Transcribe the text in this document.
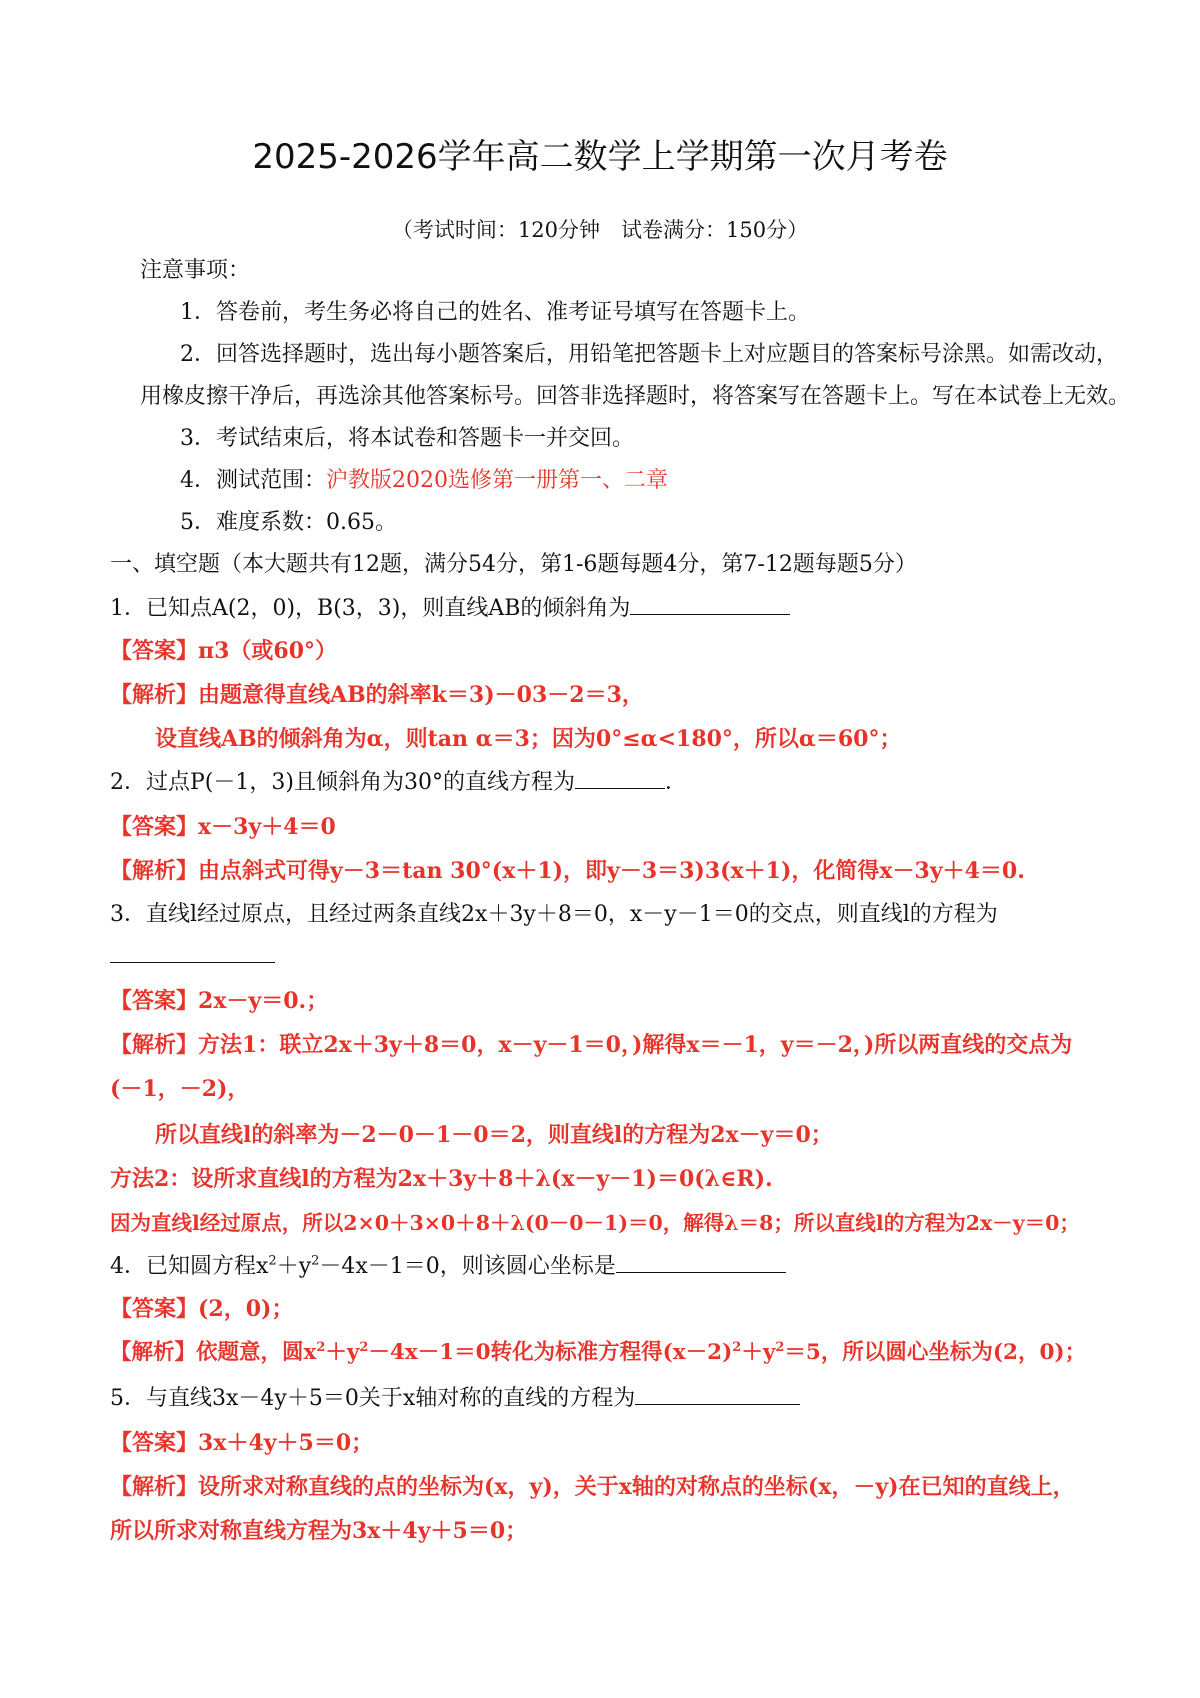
2025-2026学年高二数学上学期第一次月考卷
（考试时间：120分钟　试卷满分：150分）
注意事项：
1．答卷前，考生务必将自己的姓名、准考证号填写在答题卡上。
2．回答选择题时，选出每小题答案后，用铅笔把答题卡上对应题目的答案标号涂黑。如需改动，
用橡皮擦干净后，再选涂其他答案标号。回答非选择题时，将答案写在答题卡上。写在本试卷上无效。
3．考试结束后，将本试卷和答题卡一并交回。
4．测试范围：沪教版2020选修第一册第一、二章
5．难度系数：0.65。
一、填空题（本大题共有12题，满分54分，第1-6题每题4分，第7-12题每题5分）
1．已知点A(2，0)，B(3，3)，则直线AB的倾斜角为
【答案】π3（或60°）
【解析】由题意得直线AB的斜率k＝3)－03－2＝3，
设直线AB的倾斜角为α，则tan α＝3；因为0°≤α<180°，所以α＝60°；
2．过点P(－1，3)且倾斜角为30°的直线方程为	．
【答案】x－3y＋4＝0
【解析】由点斜式可得y－3＝tan 30°(x＋1)，即y－3＝3)3(x＋1)，化简得x－3y＋4＝0.
3．直线l经过原点，且经过两条直线2x＋3y＋8＝0，x－y－1＝0的交点，则直线l的方程为
【答案】2x－y＝0.；
【解析】方法1：联立2x＋3y＋8＝0，x－y－1＝0，)解得x＝－1，y＝－2，)所以两直线的交点为
(－1，－2)，
所以直线l的斜率为－2－0－1－0＝2，则直线l的方程为2x－y＝0；
方法2：设所求直线l的方程为2x＋3y＋8＋λ(x－y－1)＝0(λ∈R).
因为直线l经过原点，所以2×0＋3×0＋8＋λ(0－0－1)＝0，解得λ＝8；所以直线l的方程为2x－y＝0；
4．已知圆方程$x^2+y^2-4x-1=0$，则该圆心坐标是
【答案】(2，0)；
【解析】依题意，圆$x^2+y^2-4x-1=0$转化为标准方程得$(x-2)^2+y^2=5$，所以圆心坐标为(2，0)；
5．与直线3x－4y＋5＝0关于x轴对称的直线的方程为
【答案】3x＋4y＋5＝0；
【解析】设所求对称直线的点的坐标为(x，y)，关于x轴的对称点的坐标(x，－y)在已知的直线上，
所以所求对称直线方程为3x＋4y＋5＝0；
